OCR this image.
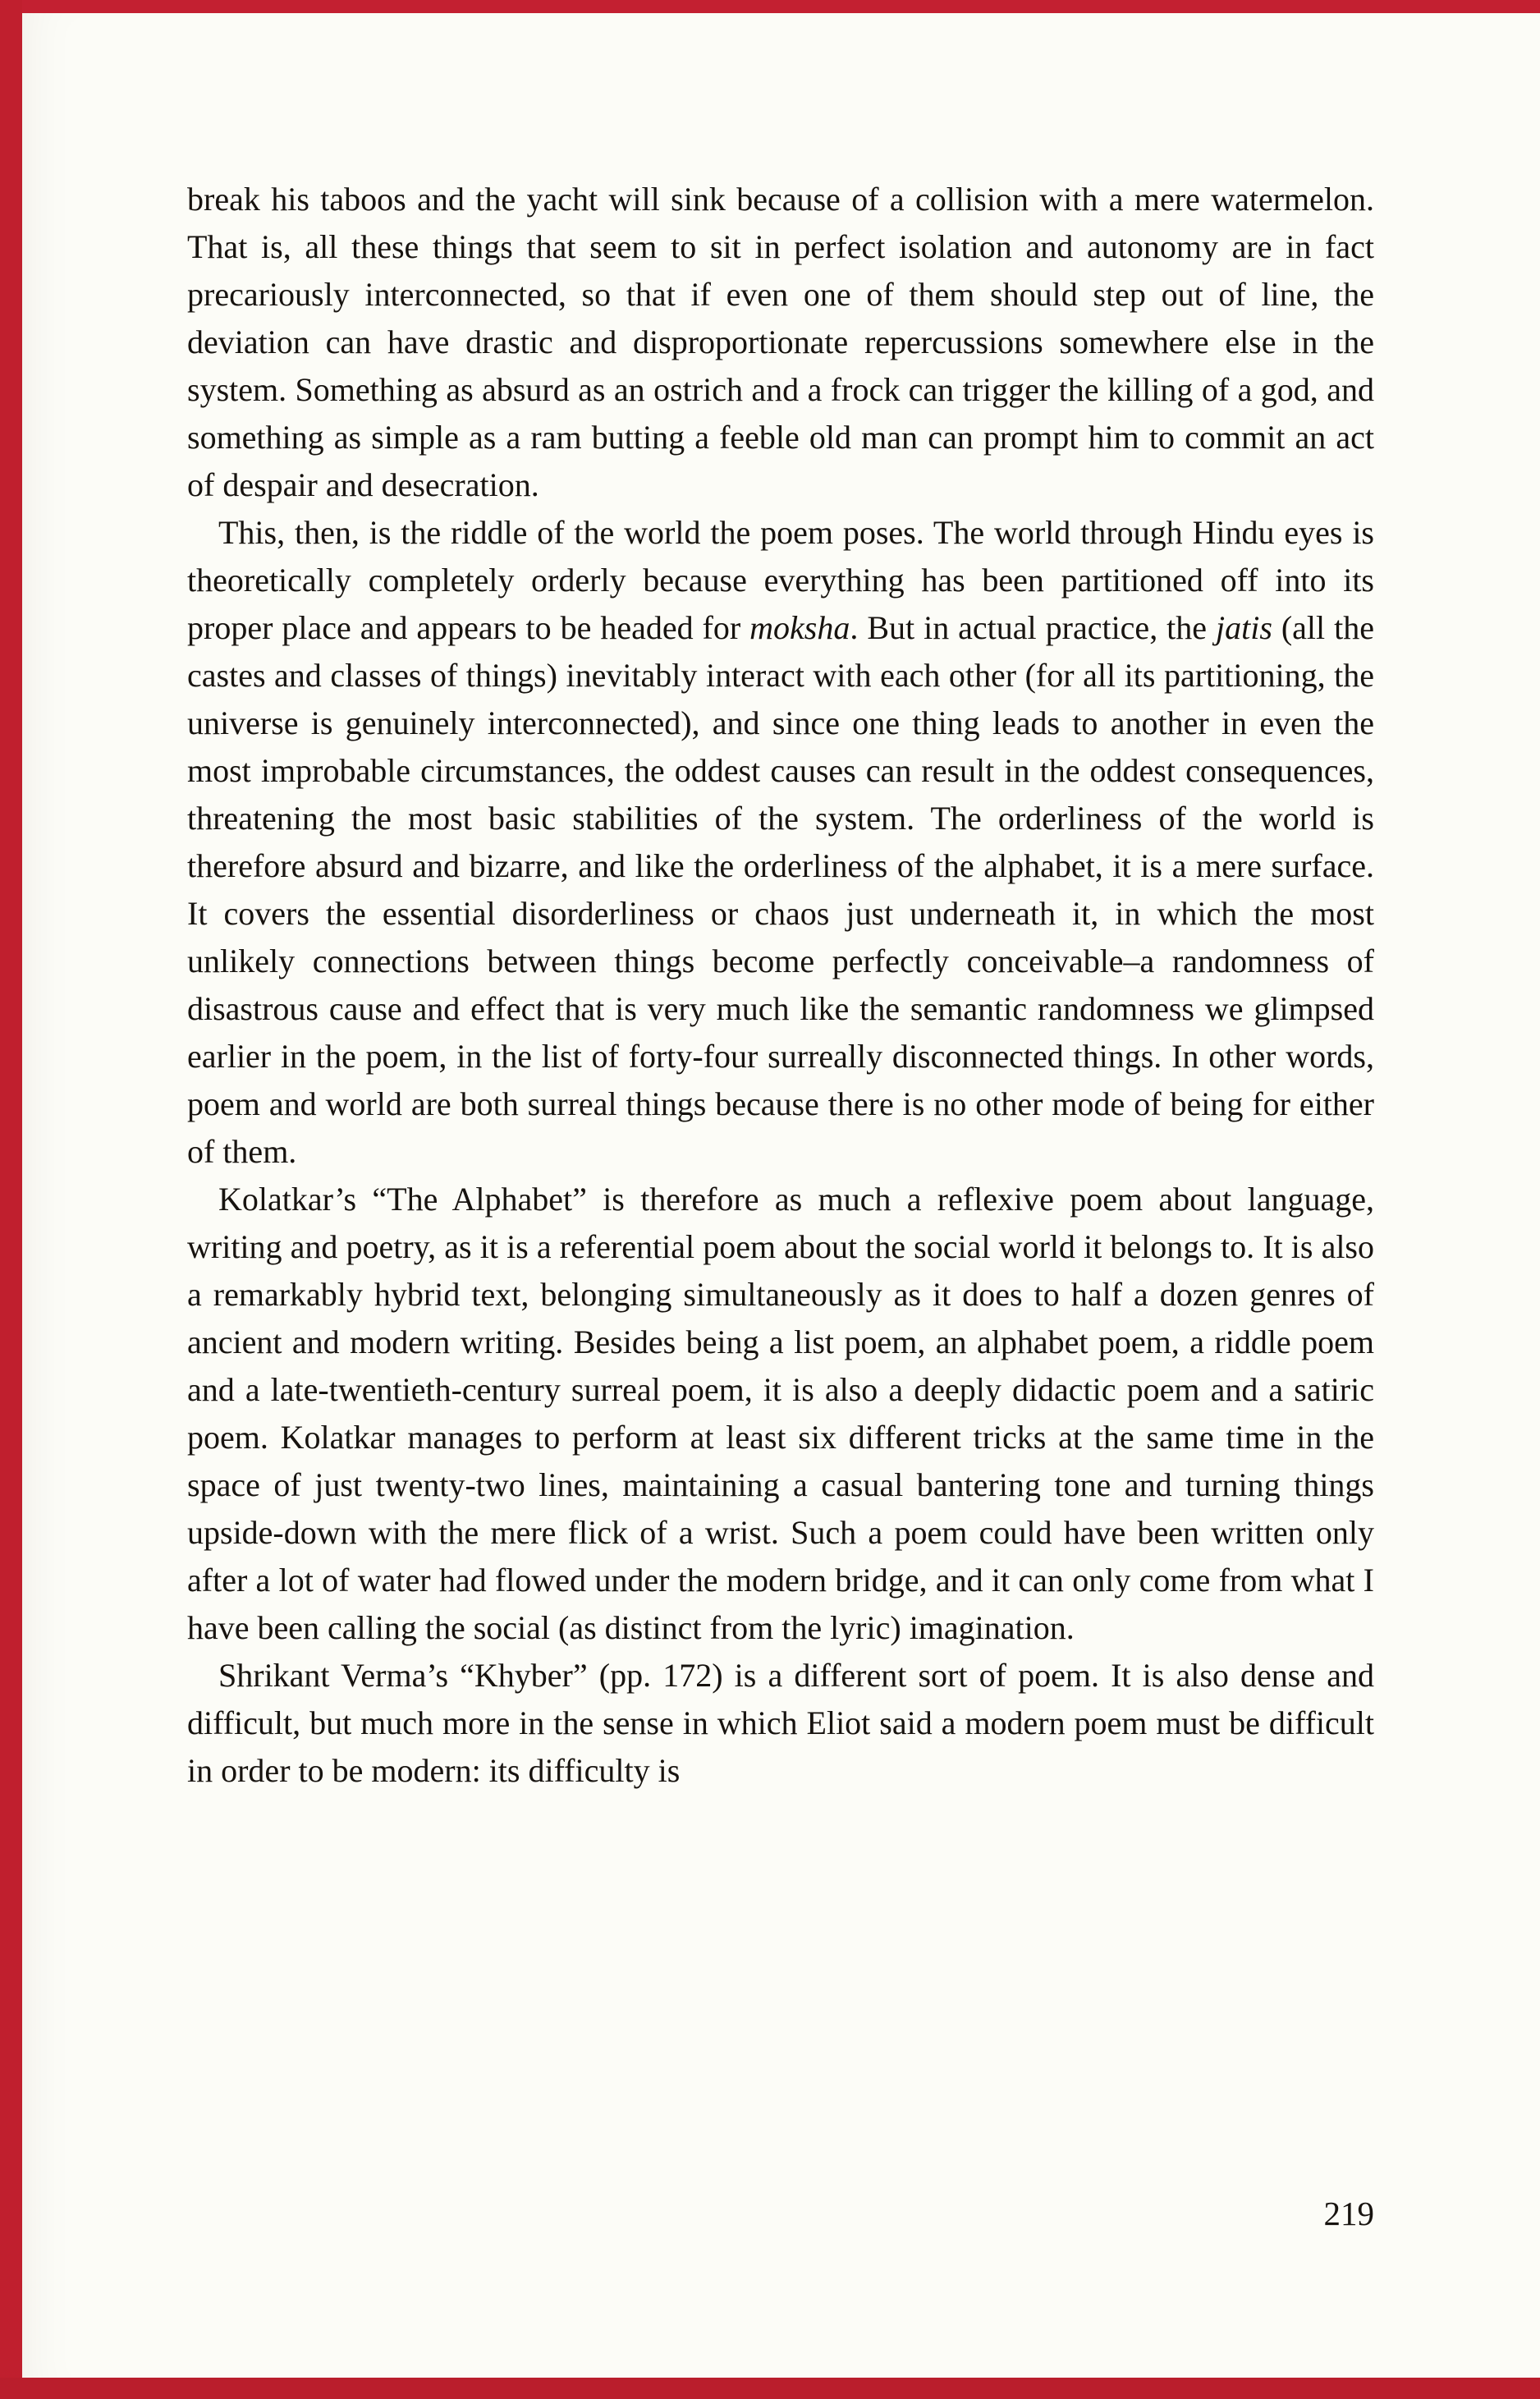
break his taboos and the yacht will sink because of a collision with a mere watermelon. That is, all these things that seem to sit in perfect isolation and autonomy are in fact precariously interconnected, so that if even one of them should step out of line, the deviation can have drastic and disproportionate repercussions somewhere else in the system. Something as absurd as an ostrich and a frock can trigger the killing of a god, and something as simple as a ram butting a feeble old man can prompt him to commit an act of despair and desecration.

This, then, is the riddle of the world the poem poses. The world through Hindu eyes is theoretically completely orderly because everything has been partitioned off into its proper place and appears to be headed for moksha. But in actual practice, the jatis (all the castes and classes of things) inevitably interact with each other (for all its partitioning, the universe is genuinely interconnected), and since one thing leads to another in even the most improbable circumstances, the oddest causes can result in the oddest consequences, threatening the most basic stabilities of the system. The orderliness of the world is therefore absurd and bizarre, and like the orderliness of the alphabet, it is a mere surface. It covers the essential disorderliness or chaos just underneath it, in which the most unlikely connections between things become perfectly conceivable–a randomness of disastrous cause and effect that is very much like the semantic randomness we glimpsed earlier in the poem, in the list of forty-four surreally disconnected things. In other words, poem and world are both surreal things because there is no other mode of being for either of them.

Kolatkar’s “The Alphabet” is therefore as much a reflexive poem about language, writing and poetry, as it is a referential poem about the social world it belongs to. It is also a remarkably hybrid text, belonging simultaneously as it does to half a dozen genres of ancient and modern writing. Besides being a list poem, an alphabet poem, a riddle poem and a late-twentieth-century surreal poem, it is also a deeply didactic poem and a satiric poem. Kolatkar manages to perform at least six different tricks at the same time in the space of just twenty-two lines, maintaining a casual bantering tone and turning things upside-down with the mere flick of a wrist. Such a poem could have been written only after a lot of water had flowed under the modern bridge, and it can only come from what I have been calling the social (as distinct from the lyric) imagination.

Shrikant Verma’s “Khyber” (pp. 172) is a different sort of poem. It is also dense and difficult, but much more in the sense in which Eliot said a modern poem must be difficult in order to be modern: its difficulty is

219
